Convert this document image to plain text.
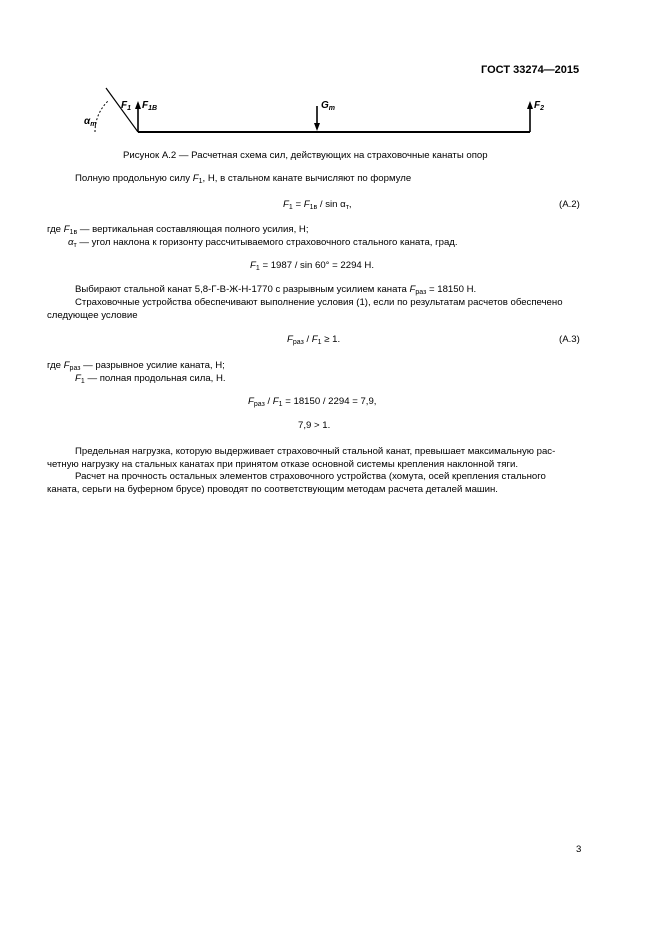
ГОСТ 33274—2015
$\alpha_т$
$F_1$ $F_{1В}$	$G_т$	$F_2$
Рисунок А.2 — Расчетная схема сил, действующих на страховочные канаты опор
Полную продольную силу $F_1$, Н, в стальном канате вычисляют по формуле
$F_1 = F_{1в} / \sin \alpha_т$,	(А.2)
где $F_{1в}$ — вертикальная составляющая полного усилия, Н;
$\alpha_т$ — угол наклона к горизонту рассчитываемого страховочного стального каната, град.
$F_1 = 1987 / \sin 60^\circ = 2294$ Н.
Выбирают стальной канат 5,8-Г-В-Ж-Н-1770 с разрывным усилием каната $F_{раз} = 18150$ Н.
Страховочные устройства обеспечивают выполнение условия (1), если по результатам расчетов обеспечено
следующее условие
$F_{раз} / F_1 \ge 1$.	(А.3)
где $F_{раз}$ — разрывное усилие каната, Н;
$F_1$ — полная продольная сила, Н.
$F_{раз} / F_1 = 18150 / 2294 = 7,9$,
7,9 > 1.
Предельная нагрузка, которую выдерживает страховочный стальной канат, превышает максимальную рас-
четную нагрузку на стальных канатах при принятом отказе основной системы крепления наклонной тяги.
Расчет на прочность остальных элементов страховочного устройства (хомута, осей крепления стального
каната, серьги на буферном брусе) проводят по соответствующим методам расчета деталей машин.
3
